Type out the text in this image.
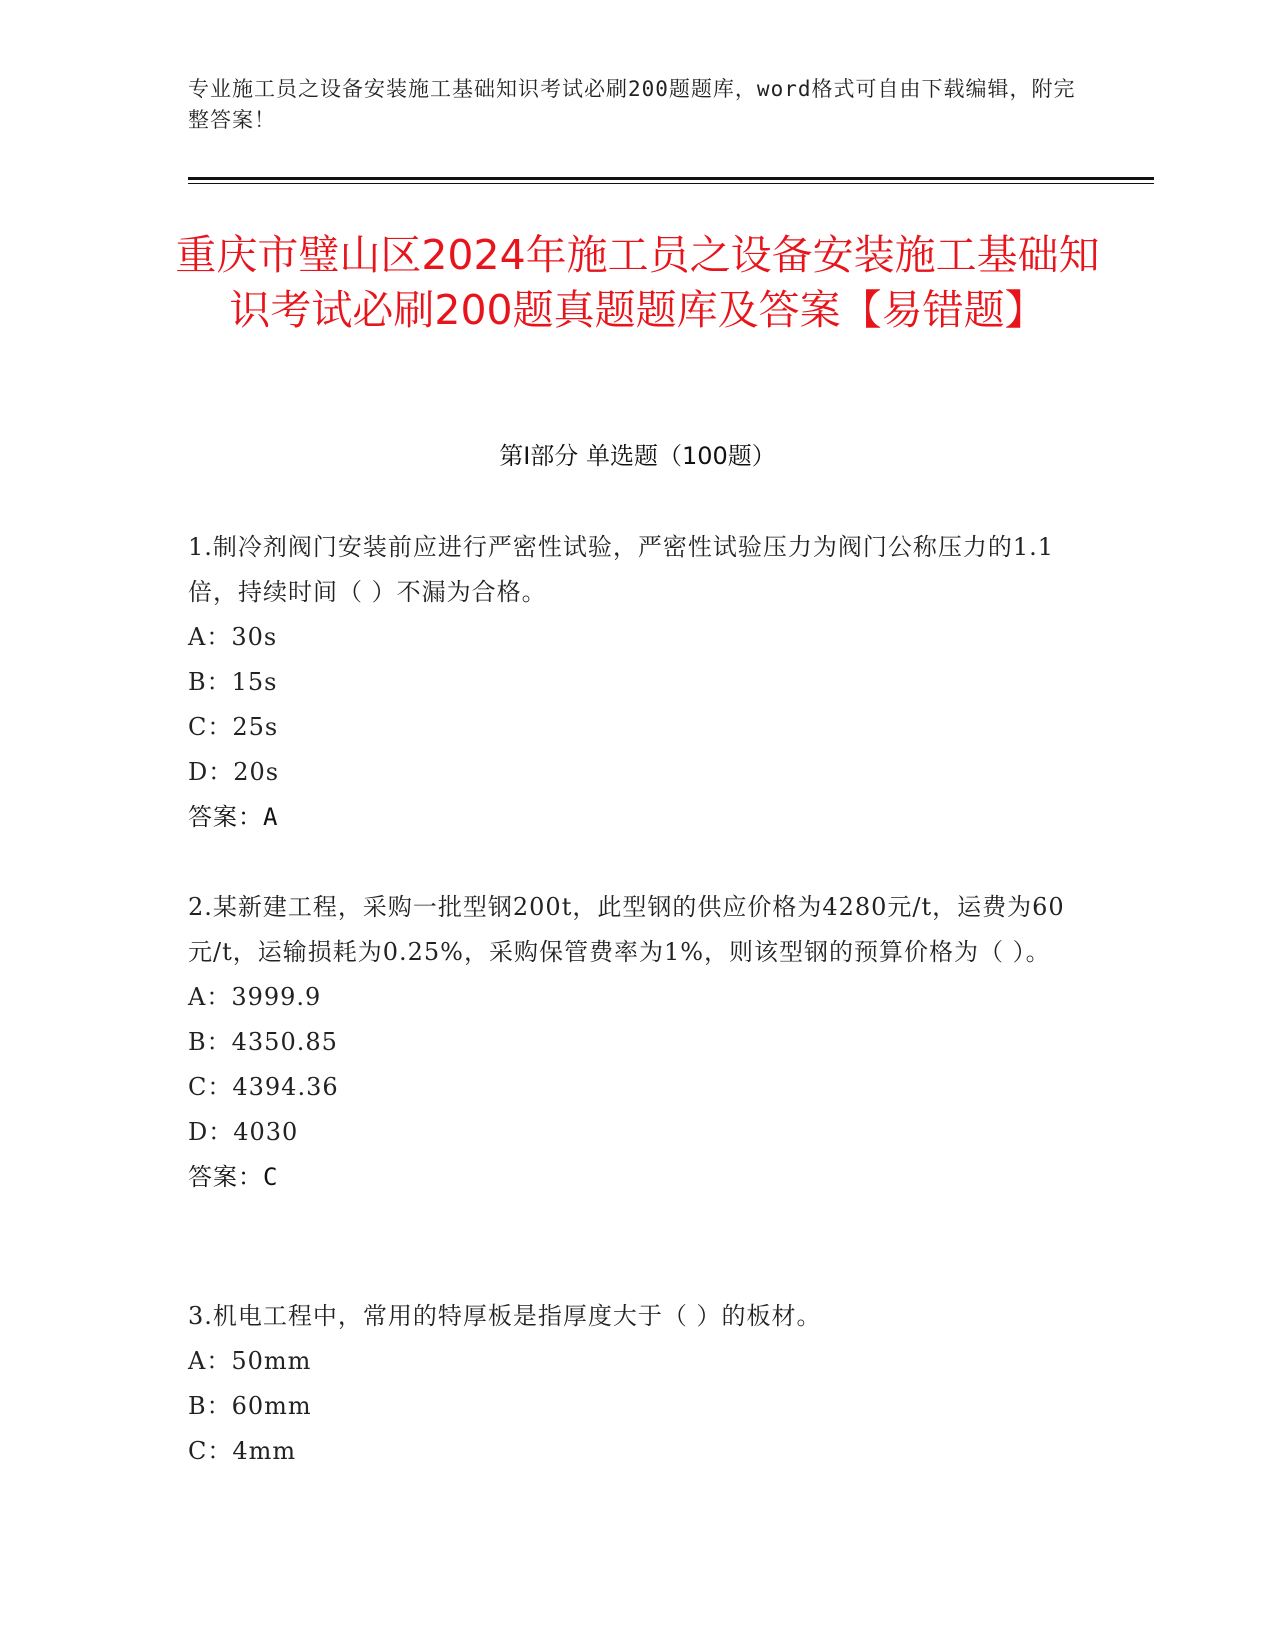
专业施工员之设备安装施工基础知识考试必刷200题题库，word格式可自由下载编辑，附完整答案！
重庆市璧山区2024年施工员之设备安装施工基础知识考试必刷200题真题题库及答案【易错题】
第Ⅰ部分 单选题（100题）

1.制冷剂阀门安装前应进行严密性试验，严密性试验压力为阀门公称压力的1.1倍，持续时间（ ）不漏为合格。

A：30s

B：15s

C：25s

D：20s

答案：A

2.某新建工程，采购一批型钢200t，此型钢的供应价格为4280元/t，运费为60元/t，运输损耗为0.25%，采购保管费率为1%，则该型钢的预算价格为（ ）。

A：3999.9

B：4350.85

C：4394.36

D：4030

答案：C

3.机电工程中，常用的特厚板是指厚度大于（ ）的板材。

A：50mm

B：60mm

C：4mm
